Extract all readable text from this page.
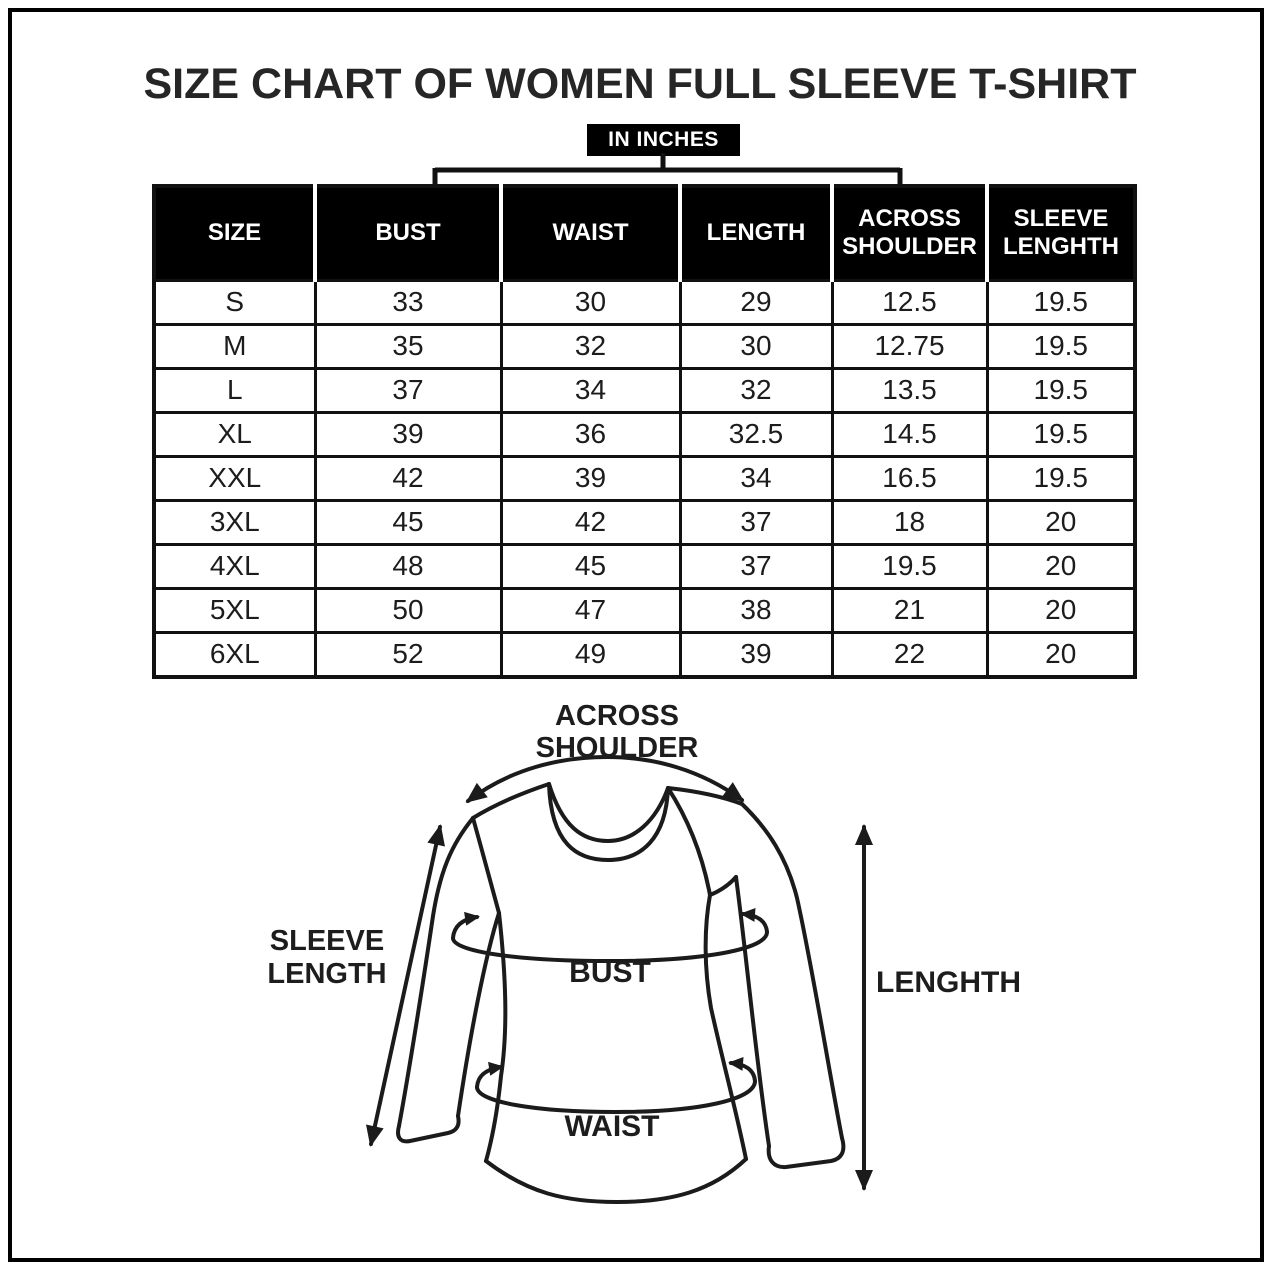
SIZE CHART OF WOMEN FULL SLEEVE T-SHIRT
IN INCHES
SIZE	BUST	WAIST	LENGTH	ACROSS SHOULDER	SLEEVE LENGHTH
S	33	30	29	12.5	19.5
M	35	32	30	12.75	19.5
L	37	34	32	13.5	19.5
XL	39	36	32.5	14.5	19.5
XXL	42	39	34	16.5	19.5
3XL	45	42	37	18	20
4XL	48	45	37	19.5	20
5XL	50	47	38	21	20
6XL	52	49	39	22	20
ACROSS
SHOULDER
SLEEVE
LENGTH	BUST
WAIST
LENGHTH
